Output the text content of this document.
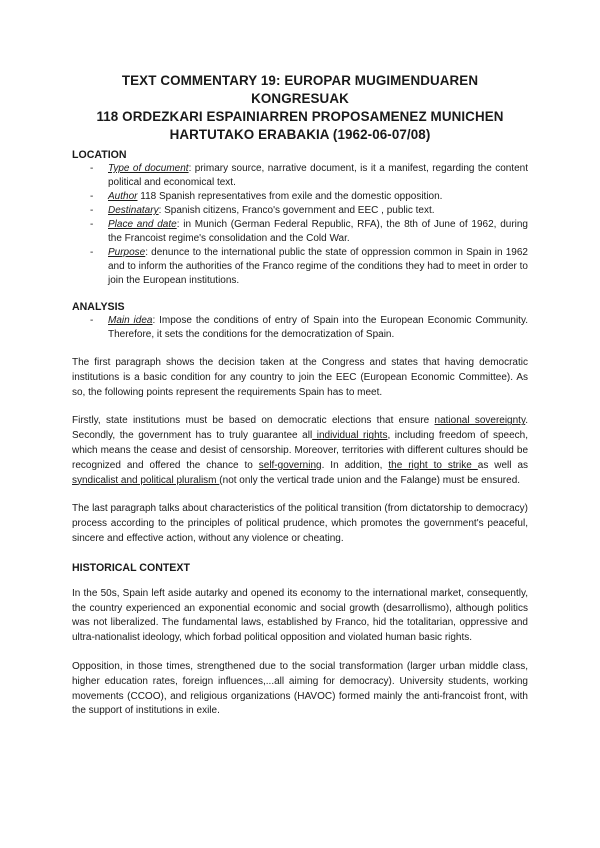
TEXT COMMENTARY 19: EUROPAR MUGIMENDUAREN KONGRESUAK
118 ORDEZKARI ESPAINIARREN PROPOSAMENEZ MUNICHEN
HARTUTAKO ERABAKIA (1962-06-07/08)
LOCATION
- Type of document: primary source, narrative document, is it a manifest, regarding the content political and economical text.
- Author 118 Spanish representatives from exile and the domestic opposition.
- Destinatary: Spanish citizens, Franco's government and EEC , public text.
- Place and date: in Munich (German Federal Republic, RFA), the 8th of June of 1962, during the Francoist regime's consolidation and the Cold War.
- Purpose: denunce to the international public the state of oppression common in Spain in 1962 and to inform the authorities of the Franco regime of the conditions they had to meet in order to join the European institutions.
ANALYSIS
- Main idea: Impose the conditions of entry of Spain into the European Economic Community. Therefore, it sets the conditions for the democratization of Spain.

The first paragraph shows the decision taken at the Congress and states that having democratic institutions is a basic condition for any country to join the EEC (European Economic Committee). As so, the following points represent the requirements Spain has to meet.

Firstly, state institutions must be based on democratic elections that ensure national sovereignty. Secondly, the government has to truly guarantee all individual rights, including freedom of speech, which means the cease and desist of censorship. Moreover, territories with different cultures should be recognized and offered the chance to self-governing. In addition, the right to strike as well as syndicalist and political pluralism (not only the vertical trade union and the Falange) must be ensured.

The last paragraph talks about characteristics of the political transition (from dictatorship to democracy) process according to the principles of political prudence, which promotes the government's peaceful, sincere and effective action, without any violence or cheating.

HISTORICAL CONTEXT

In the 50s, Spain left aside autarky and opened its economy to the international market, consequently, the country experienced an exponential economic and social growth (desarrollismo), although politics was not liberalized. The fundamental laws, established by Franco, hid the totalitarian, oppressive and ultra-nationalist ideology, which forbad political opposition and violated human basic rights.

Opposition, in those times, strengthened due to the social transformation (larger urban middle class, higher education rates, foreign influences,...all aiming for democracy). University students, working movements (CCOO), and religious organizations (HAVOC) formed mainly the anti-francoist front, with the support of institutions in exile.
